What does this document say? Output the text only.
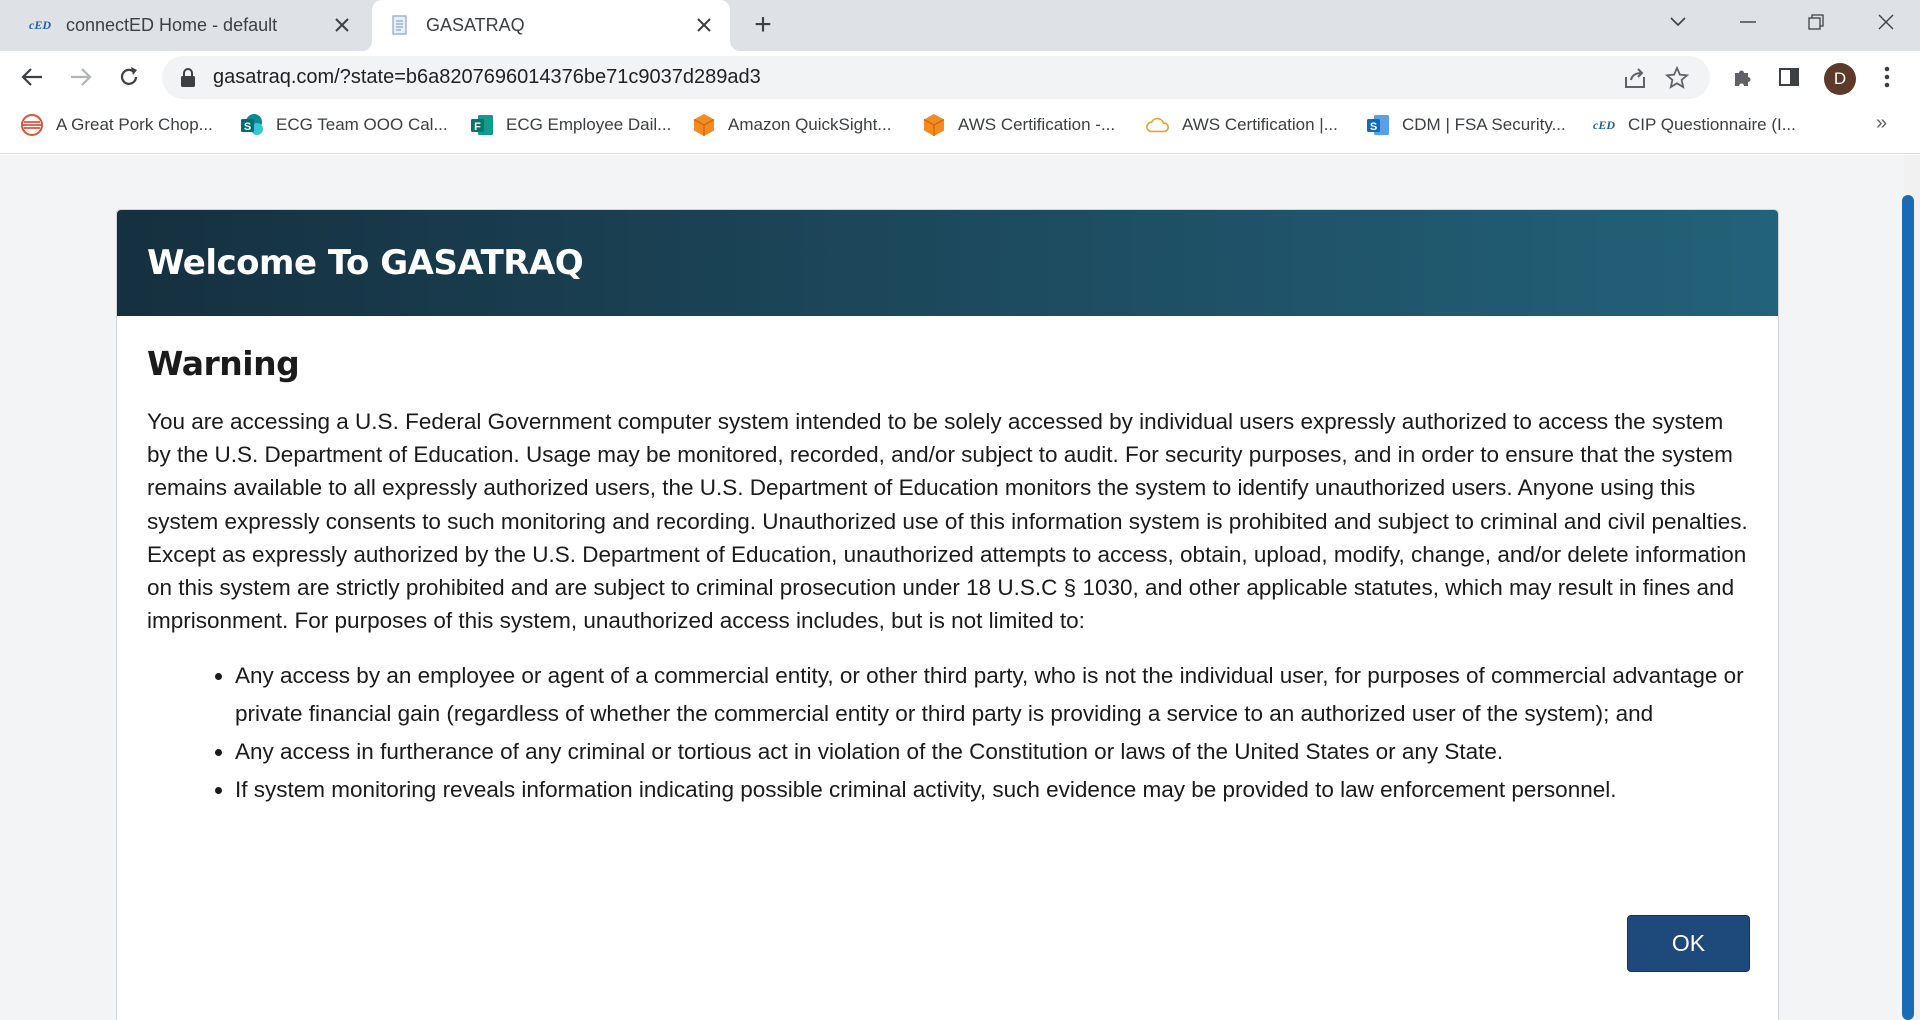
cED connectED Home - default	GASATRAQ	+
gasatraq.com/?state=b6a8207696014376be71c9037d289ad3	D
A Great Pork Chop...	S ECG Team OOO Cal... F ECG Employee Dail...	Amazon QuickSight...	AWS Certification -...	AWS Certification |...	S CDM | FSA Security... cED CIP Questionnaire (I...	»
Welcome To GASATRAQ
Warning

You are accessing a U.S. Federal Government computer system intended to be solely accessed by individual users expressly authorized to access the system by the U.S. Department of Education. Usage may be monitored, recorded, and/or subject to audit. For security purposes, and in order to ensure that the system remains available to all expressly authorized users, the U.S. Department of Education monitors the system to identify unauthorized users. Anyone using this system expressly consents to such monitoring and recording. Unauthorized use of this information system is prohibited and subject to criminal and civil penalties. Except as expressly authorized by the U.S. Department of Education, unauthorized attempts to access, obtain, upload, modify, change, and/or delete information on this system are strictly prohibited and are subject to criminal prosecution under 18 U.S.C § 1030, and other applicable statutes, which may result in fines and imprisonment. For purposes of this system, unauthorized access includes, but is not limited to:

• Any access by an employee or agent of a commercial entity, or other third party, who is not the individual user, for purposes of commercial advantage or private financial gain (regardless of whether the commercial entity or third party is providing a service to an authorized user of the system); and
• Any access in furtherance of any criminal or tortious act in violation of the Constitution or laws of the United States or any State.
• If system monitoring reveals information indicating possible criminal activity, such evidence may be provided to law enforcement personnel.
OK
